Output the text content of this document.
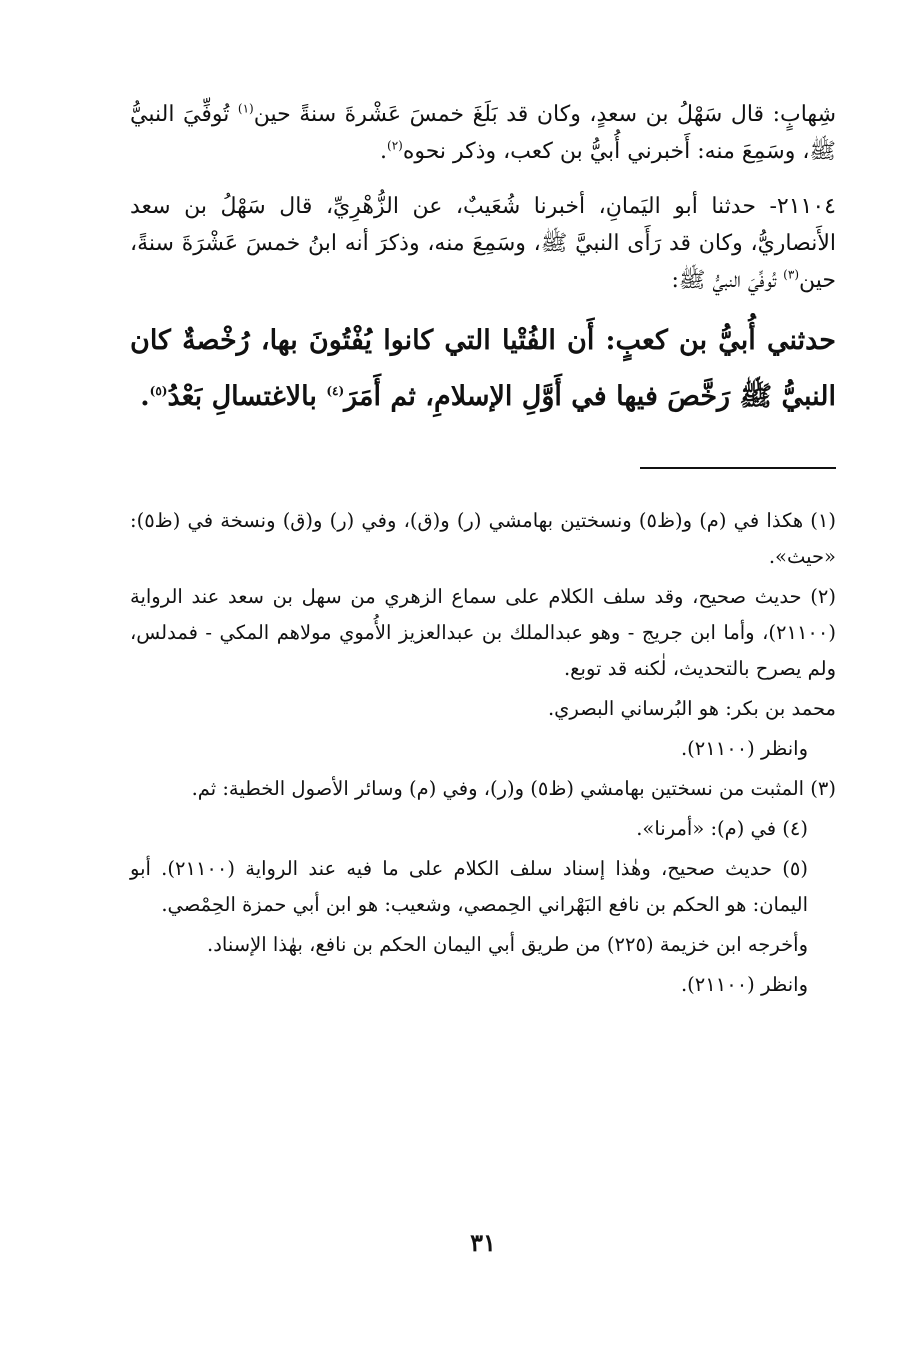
شِهابٍ: قال سَهْلُ بن سعدٍ، وكان قد بَلَغَ خمسَ عَشْرةَ سنةً حين$^{(١)}$ تُوفِّيَ النبيُّ ﷺ، وسَمِعَ منه: أَخبرني أُبيُّ بن كعب، وذكر نحوه$^{(٢)}$.

٢١١٠٤- حدثنا أبو اليَمانِ، أخبرنا شُعَيبٌ، عن الزُّهْرِيِّ، قال سَهْلُ بن سعد الأَنصاريُّ، وكان قد رَأَى النبيَّ ﷺ، وسَمِعَ منه، وذكرَ أنه ابنُ خمسَ عَشْرَةَ سنةً، حين$^{(٣)}$ تُوفِّيَ النبيُّ ﷺ:

حدثني أُبيُّ بن كعبٍ: أَن الفُتْيا التي كانوا يُفْتُونَ بها، رُخْصةٌ كان النبيُّ ﷺ رَخَّصَ فيها في أَوَّلِ الإسلامِ، ثم أَمَرَ$^{(٤)}$ بالاغتسالِ بَعْدُ$^{(٥)}$.

(١) هكذا في (م) و(ظ٥) ونسختين بهامشي (ر) و(ق)، وفي (ر) و(ق) ونسخة في (ظ٥): «حيث».

(٢) حديث صحيح، وقد سلف الكلام على سماع الزهري من سهل بن سعد عند الرواية (٢١١٠٠)، وأما ابن جريج - وهو عبدالملك بن عبدالعزيز الأُموي مولاهم المكي - فمدلس، ولم يصرح بالتحديث، لٰكنه قد توبع.

محمد بن بكر: هو البُرساني البصري.

وانظر (٢١١٠٠).

(٣) المثبت من نسختين بهامشي (ظ٥) و(ر)، وفي (م) وسائر الأصول الخطية: ثم.

(٤) في (م): «أمرنا».

(٥) حديث صحيح، وهٰذا إسناد سلف الكلام على ما فيه عند الرواية (٢١١٠٠). أبو اليمان: هو الحكم بن نافع البَهْراني الحِمصي، وشعيب: هو ابن أبي حمزة الحِمْصي.

وأخرجه ابن خزيمة (٢٢٥) من طريق أبي اليمان الحكم بن نافع، بهٰذا الإسناد.

وانظر (٢١١٠٠).

٣١
